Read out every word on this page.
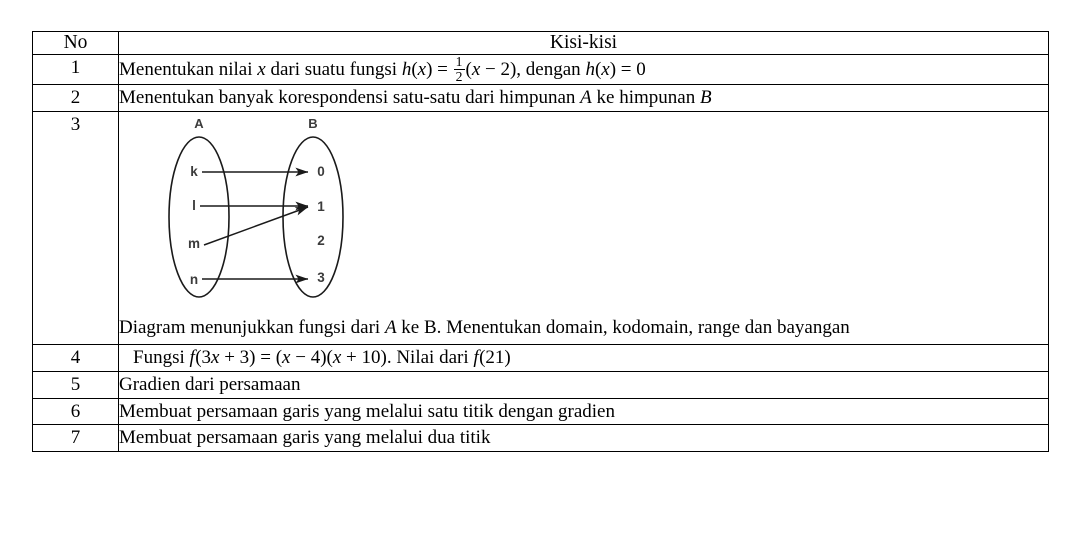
No	Kisi-kisi
1	Menentukan nilai x dari suatu fungsi $h(x) = \frac{1}{2} (x - 2)$, dengan h(x) = 0
2	Menentukan banyak korespondensi satu-satu dari himpunan A ke himpunan B
3	A	B
k
l
m
n
0
1
2
3
Diagram menunjukkan fungsi dari A ke B. Menentukan domain, kodomain, range dan bayangan

4	Fungsi f(3x + 3) = (x − 4)(x + 10). Nilai dari f(21)
5	Gradien dari persamaan
6	Membuat persamaan garis yang melalui satu titik dengan gradien
7	Membuat persamaan garis yang melalui dua titik
